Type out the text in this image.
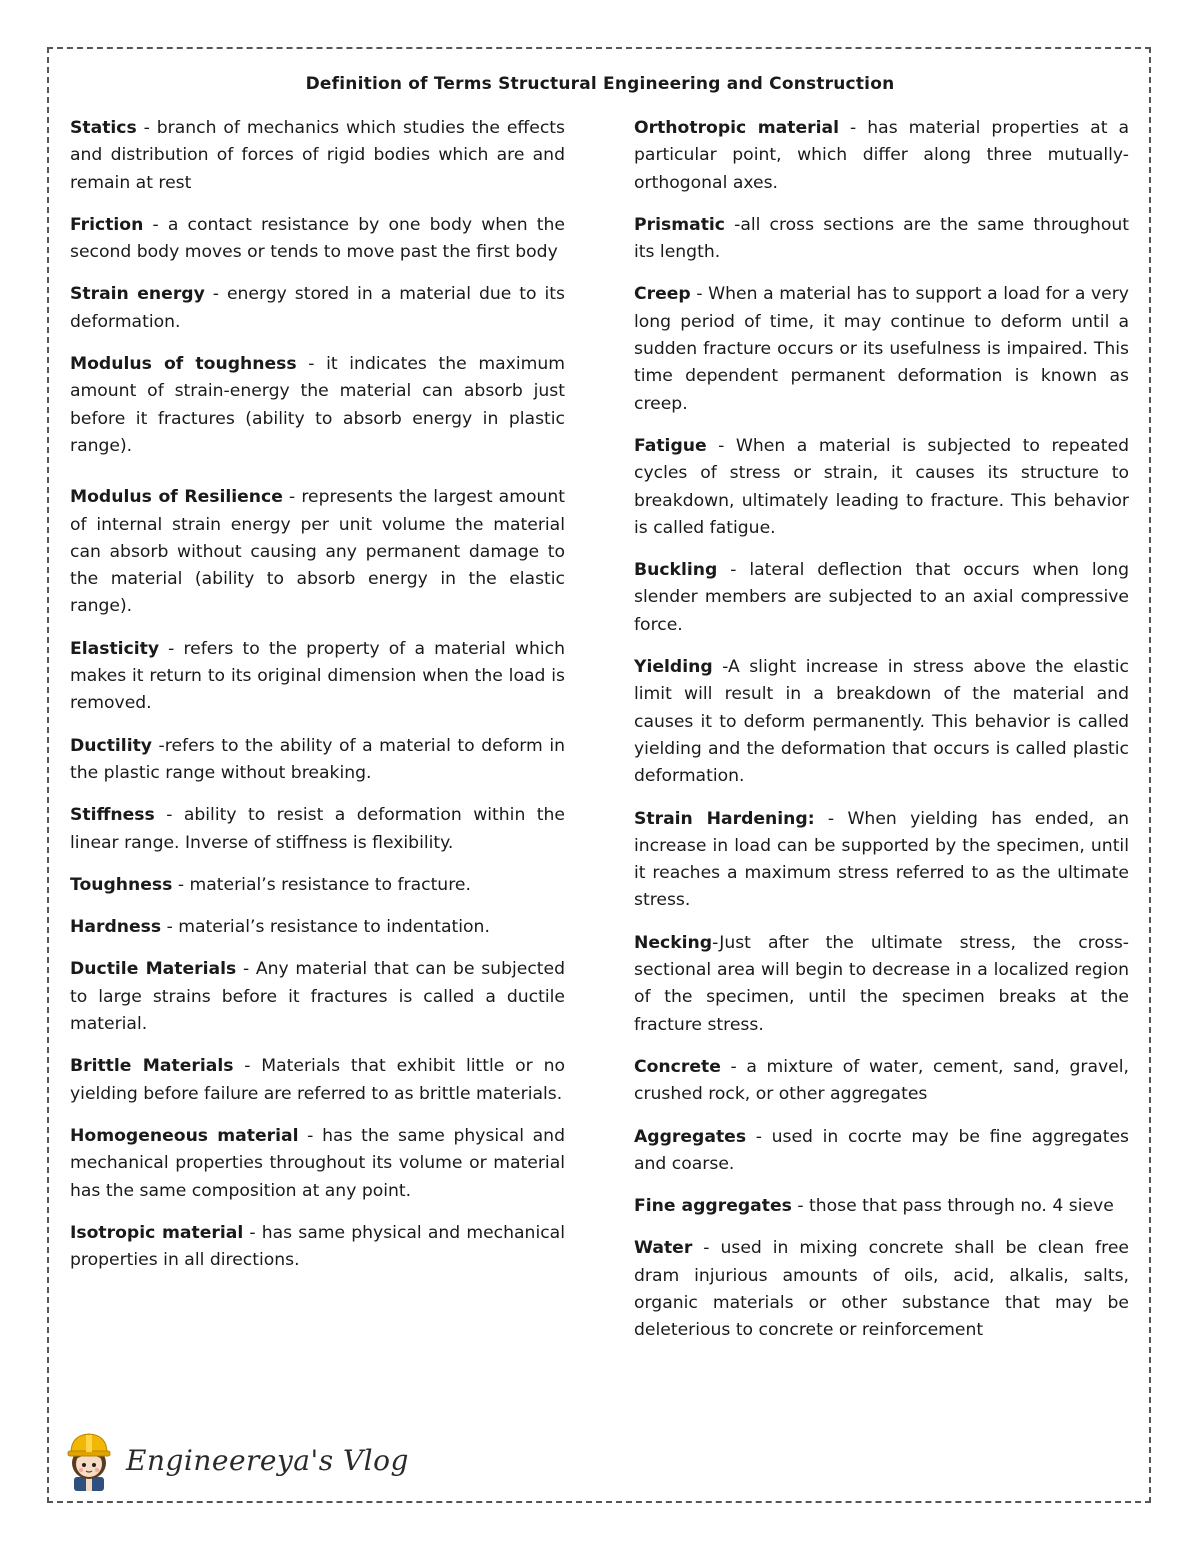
Definition of Terms Structural Engineering and Construction

Statics - branch of mechanics which studies the effects and distribution of forces of rigid bodies which are and remain at rest

Friction - a contact resistance by one body when the second body moves or tends to move past the first body

Strain energy - energy stored in a material due to its deformation.

Modulus of toughness - it indicates the maximum amount of strain-energy the material can absorb just before it fractures (ability to absorb energy in plastic range).

Modulus of Resilience - represents the largest amount of internal strain energy per unit volume the material can absorb without causing any permanent damage to the material (ability to absorb energy in the elastic range).

Elasticity - refers to the property of a material which makes it return to its original dimension when the load is removed.

Ductility -refers to the ability of a material to deform in the plastic range without breaking.

Stiffness - ability to resist a deformation within the linear range. Inverse of stiffness is flexibility.

Toughness - material’s resistance to fracture.

Hardness - material’s resistance to indentation.

Ductile Materials - Any material that can be subjected to large strains before it fractures is called a ductile material.

Brittle Materials - Materials that exhibit little or no yielding before failure are referred to as brittle materials.

Homogeneous material - has the same physical and mechanical properties throughout its volume or material has the same composition at any point.

Isotropic material - has same physical and mechanical properties in all directions.

Orthotropic material - has material properties at a particular point, which differ along three mutually-orthogonal axes.

Prismatic -all cross sections are the same throughout its length.

Creep - When a material has to support a load for a very long period of time, it may continue to deform until a sudden fracture occurs or its usefulness is impaired. This time dependent permanent deformation is known as creep.

Fatigue - When a material is subjected to repeated cycles of stress or strain, it causes its structure to breakdown, ultimately leading to fracture. This behavior is called fatigue.

Buckling - lateral deflection that occurs when long slender members are subjected to an axial compressive force.

Yielding -A slight increase in stress above the elastic limit will result in a breakdown of the material and causes it to deform permanently. This behavior is called yielding and the deformation that occurs is called plastic deformation.

Strain Hardening: - When yielding has ended, an increase in load can be supported by the specimen, until it reaches a maximum stress referred to as the ultimate stress.

Necking-Just after the ultimate stress, the cross-sectional area will begin to decrease in a localized region of the specimen, until the specimen breaks at the fracture stress.

Concrete - a mixture of water, cement, sand, gravel, crushed rock, or other aggregates

Aggregates - used in cocrte may be fine aggregates and coarse.

Fine aggregates - those that pass through no. 4 sieve

Water - used in mixing concrete shall be clean free dram injurious amounts of oils, acid, alkalis, salts, organic materials or other substance that may be deleterious to concrete or reinforcement

Engineereya's Vlog
